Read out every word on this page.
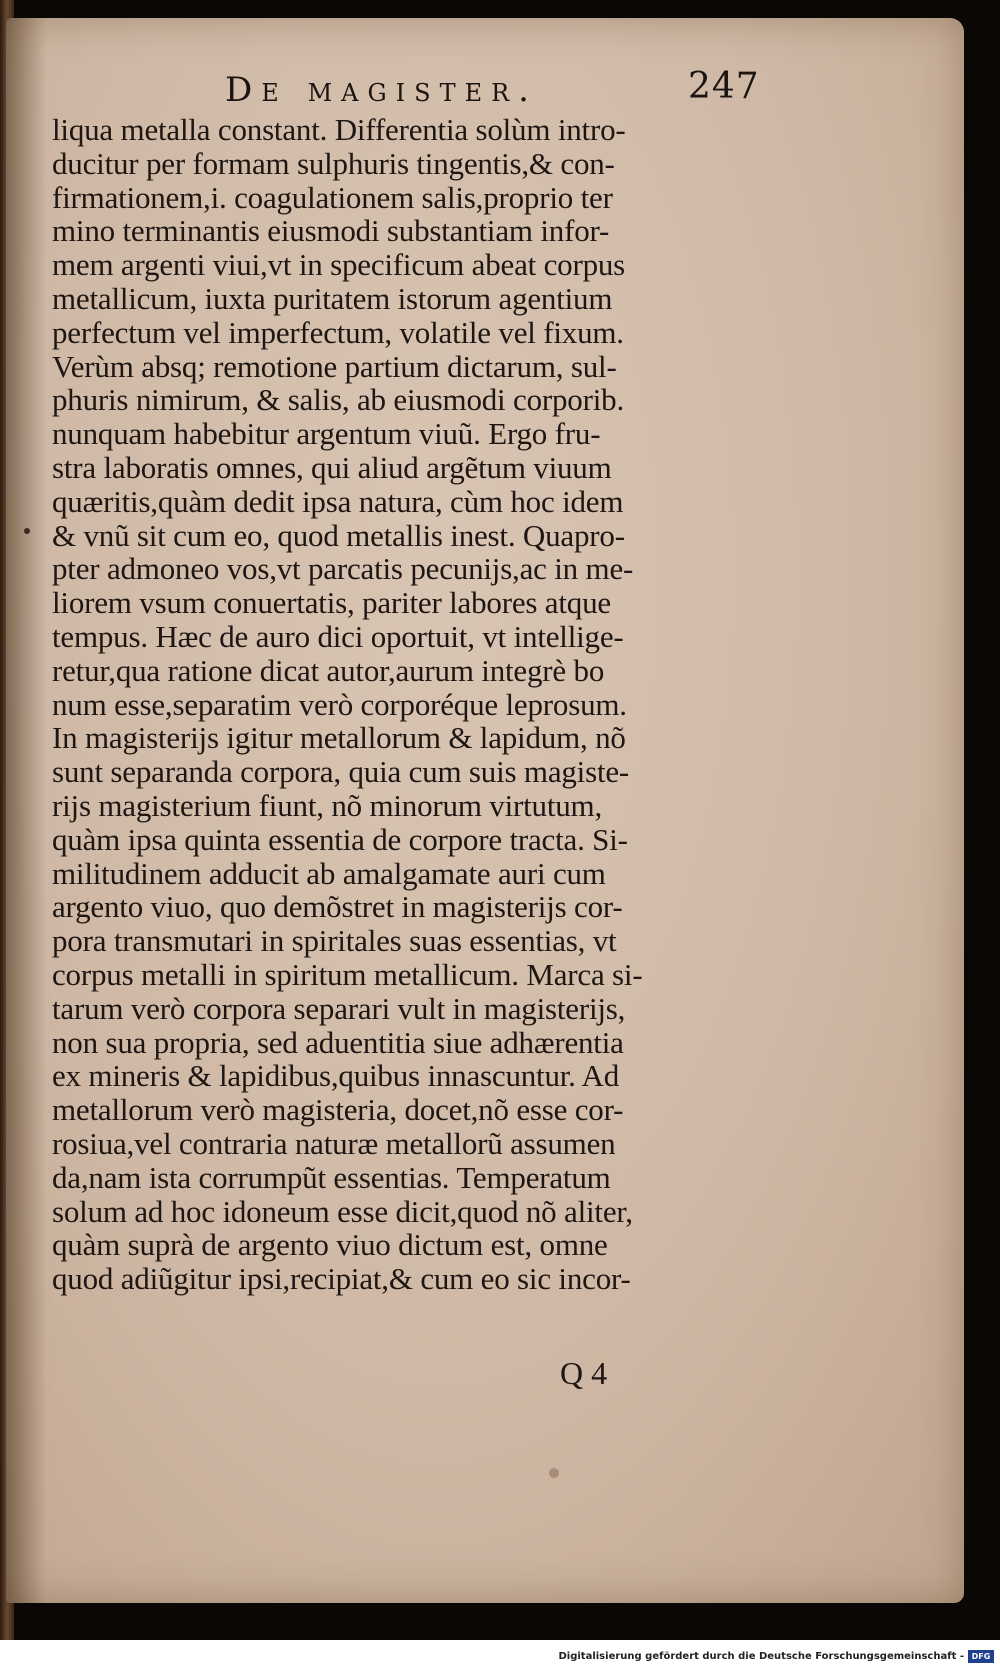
De magister.	247
liqua metalla constant. Differentia solùm intro-
ducitur per formam sulphuris tingentis,& con-
firmationem,i. coagulationem salis,proprio ter
mino terminantis eiusmodi substantiam infor-
mem argenti viui,vt in specificum abeat corpus
metallicum, iuxta puritatem istorum agentium
perfectum vel imperfectum, volatile vel fixum.
Verùm absq; remotione partium dictarum, sul-
phuris nimirum, & salis, ab eiusmodi corporib.
nunquam habebitur argentum viuũ. Ergo fru-
stra laboratis omnes, qui aliud argẽtum viuum
quæritis,quàm dedit ipsa natura, cùm hoc idem
& vnũ sit cum eo, quod metallis inest. Quapro-
pter admoneo vos,vt parcatis pecunijs,ac in me-
liorem vsum conuertatis, pariter labores atque
tempus. Hæc de auro dici oportuit, vt intellige-
retur,qua ratione dicat autor,aurum integrè bo
num esse,separatim verò corporéque leprosum.
In magisterijs igitur metallorum & lapidum, nõ
sunt separanda corpora, quia cum suis magiste-
rijs magisterium fiunt, nõ minorum virtutum,
quàm ipsa quinta essentia de corpore tracta. Si-
militudinem adducit ab amalgamate auri cum
argento viuo, quo demõstret in magisterijs cor-
pora transmutari in spiritales suas essentias, vt
corpus metalli in spiritum metallicum. Marca si-
tarum verò corpora separari vult in magisterijs,
non sua propria, sed aduentitia siue adhærentia
ex mineris & lapidibus,quibus innascuntur. Ad
metallorum verò magisteria, docet,nõ esse cor-
rosiua,vel contraria naturæ metallorũ assumen
da,nam ista corrumpũt essentias. Temperatum
solum ad hoc idoneum esse dicit,quod nõ aliter,
quàm suprà de argento viuo dictum est, omne
quod adiũgitur ipsi,recipiat,& cum eo sic incor-
Q 4
Digitalisierung gefördert durch die Deutsche Forschungsgemeinschaft - DFG
